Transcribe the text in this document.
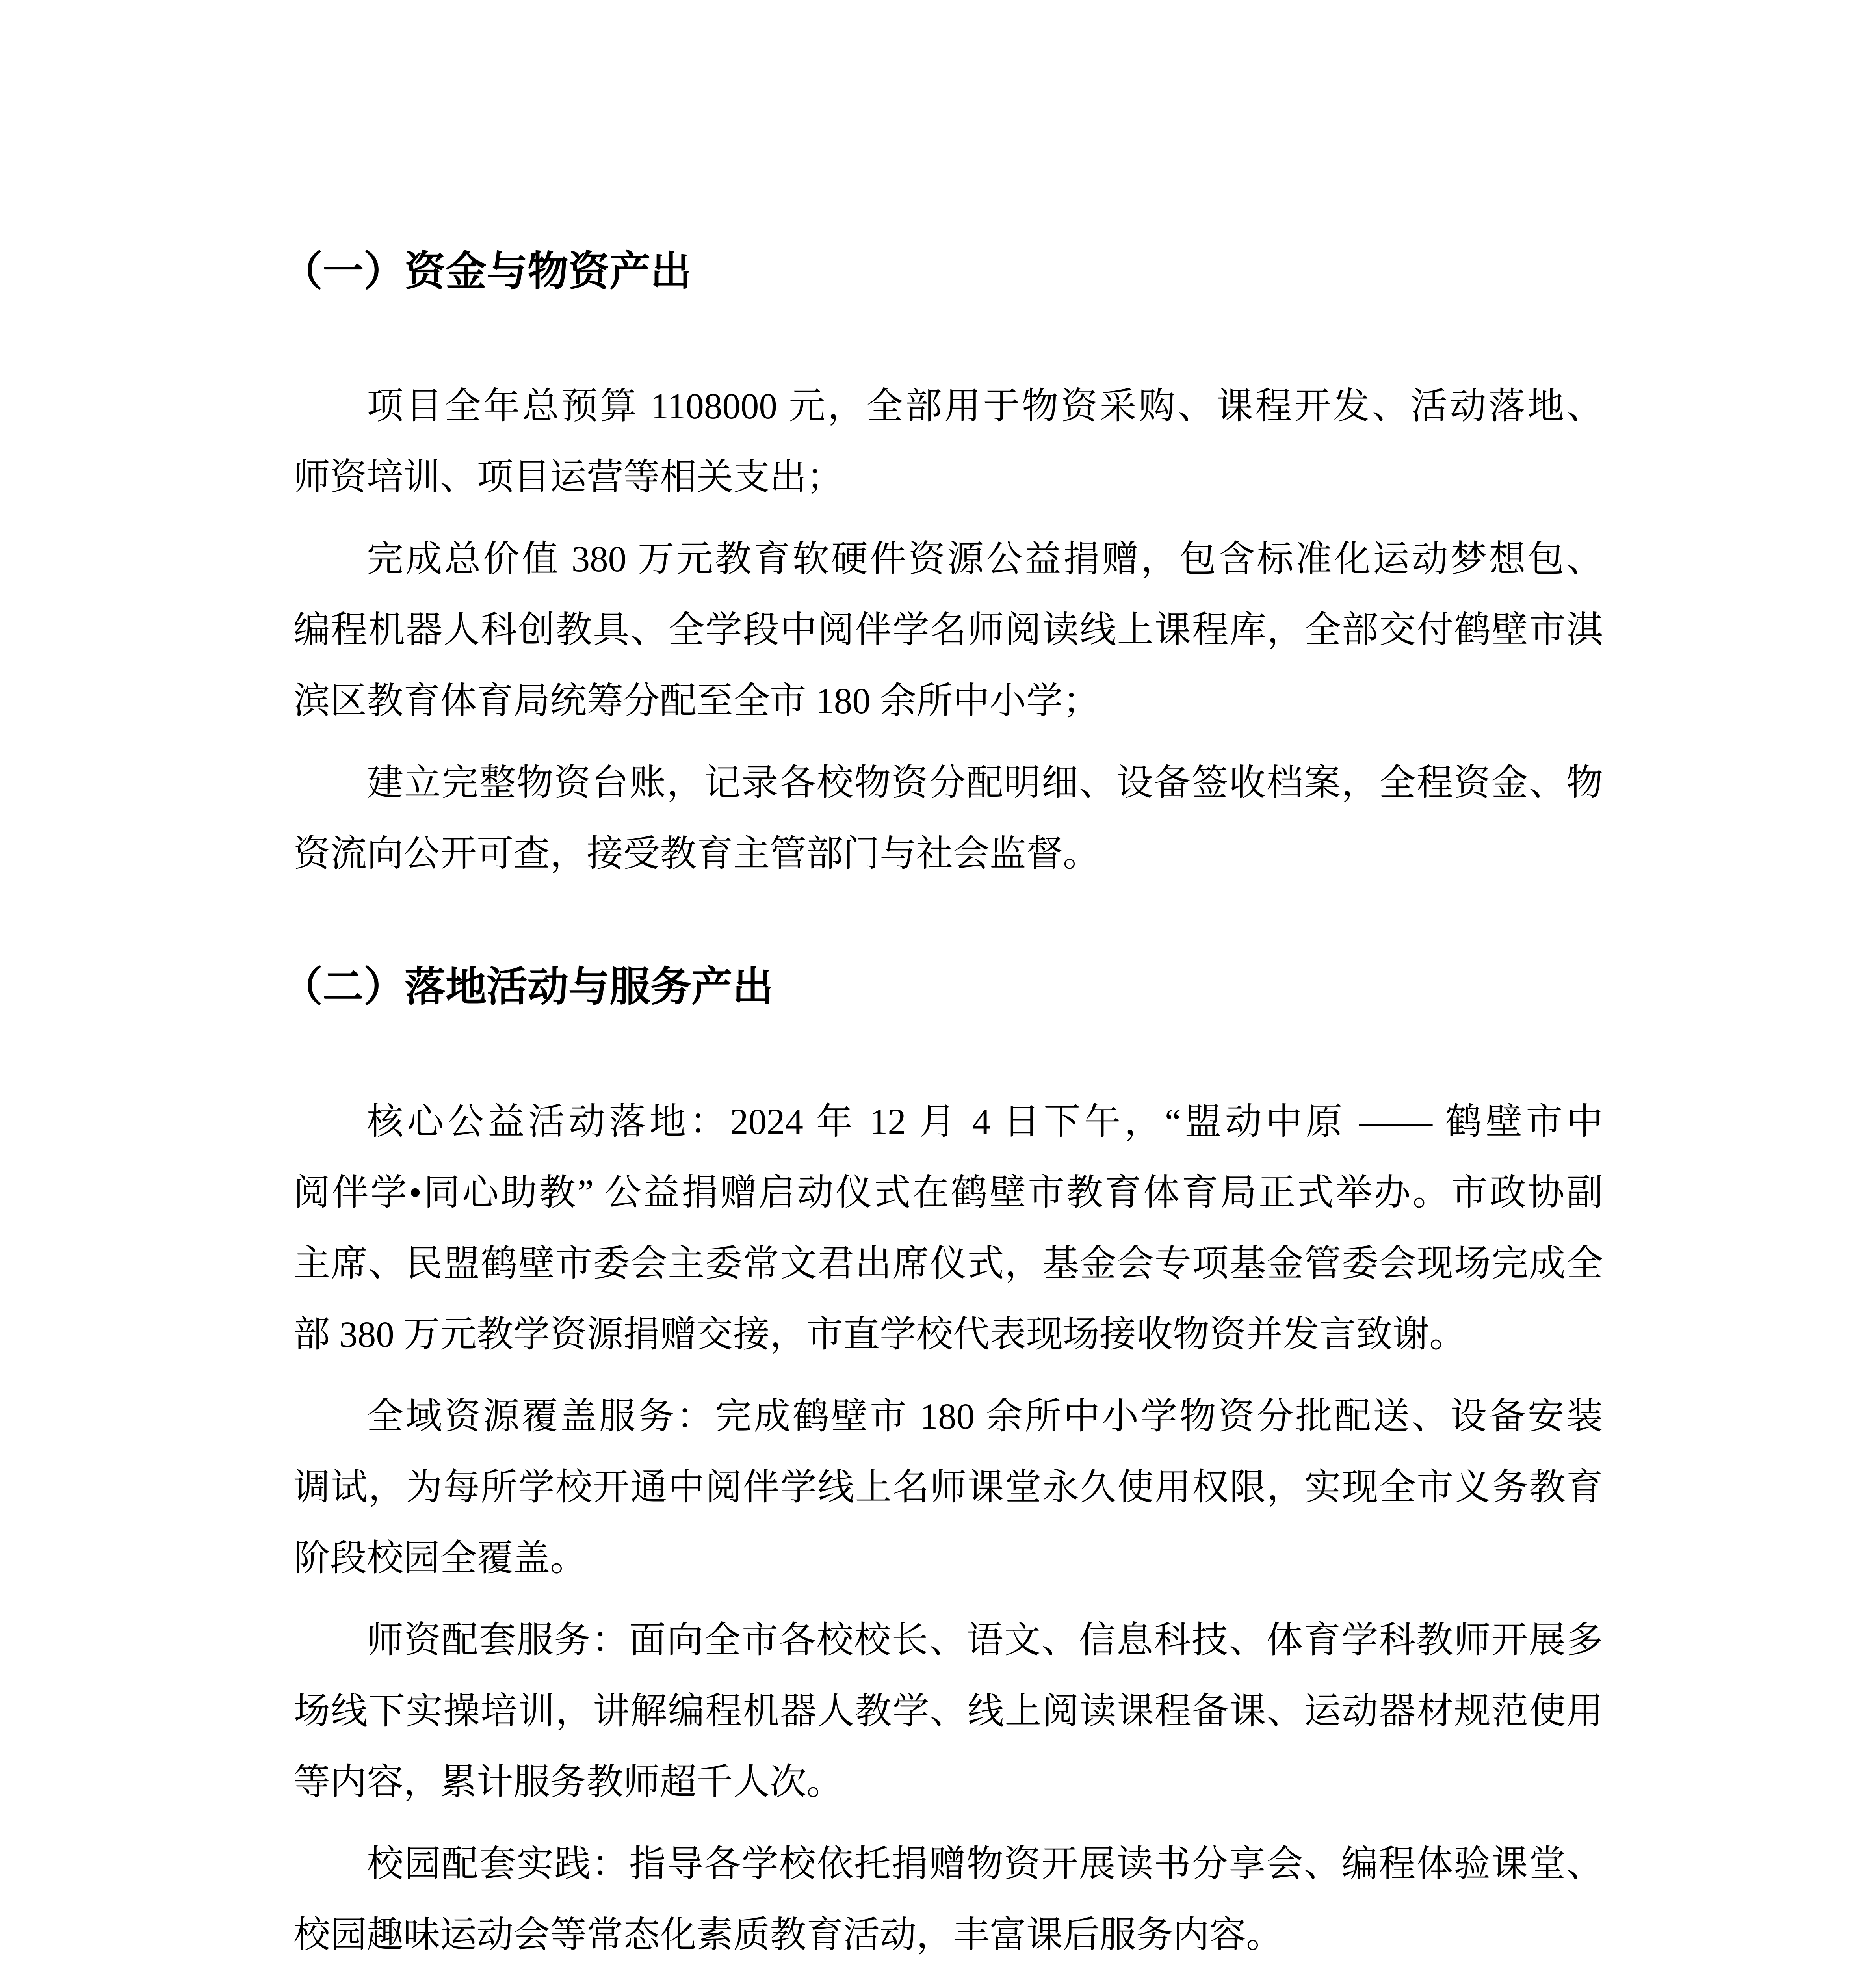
（一）资金与物资产出
项目全年总预算 1108000 元，全部用于物资采购、课程开发、活动落地、
师资培训、项目运营等相关支出；
完成总价值 380 万元教育软硬件资源公益捐赠，包含标准化运动梦想包、
编程机器人科创教具、全学段中阅伴学名师阅读线上课程库，全部交付鹤壁市淇
滨区教育体育局统筹分配至全市 180 余所中小学；
建立完整物资台账，记录各校物资分配明细、设备签收档案，全程资金、物
资流向公开可查，接受教育主管部门与社会监督。
（二）落地活动与服务产出
核心公益活动落地：2024 年 12 月 4 日下午，“盟动中原 —— 鹤壁市中
阅伴学•同心助教” 公益捐赠启动仪式在鹤壁市教育体育局正式举办。市政协副
主席、民盟鹤壁市委会主委常文君出席仪式，基金会专项基金管委会现场完成全
部 380 万元教学资源捐赠交接，市直学校代表现场接收物资并发言致谢。
全域资源覆盖服务：完成鹤壁市 180 余所中小学物资分批配送、设备安装
调试，为每所学校开通中阅伴学线上名师课堂永久使用权限，实现全市义务教育
阶段校园全覆盖。
师资配套服务：面向全市各校校长、语文、信息科技、体育学科教师开展多
场线下实操培训，讲解编程机器人教学、线上阅读课程备课、运动器材规范使用
等内容，累计服务教师超千人次。
校园配套实践：指导各学校依托捐赠物资开展读书分享会、编程体验课堂、
校园趣味运动会等常态化素质教育活动，丰富课后服务内容。
